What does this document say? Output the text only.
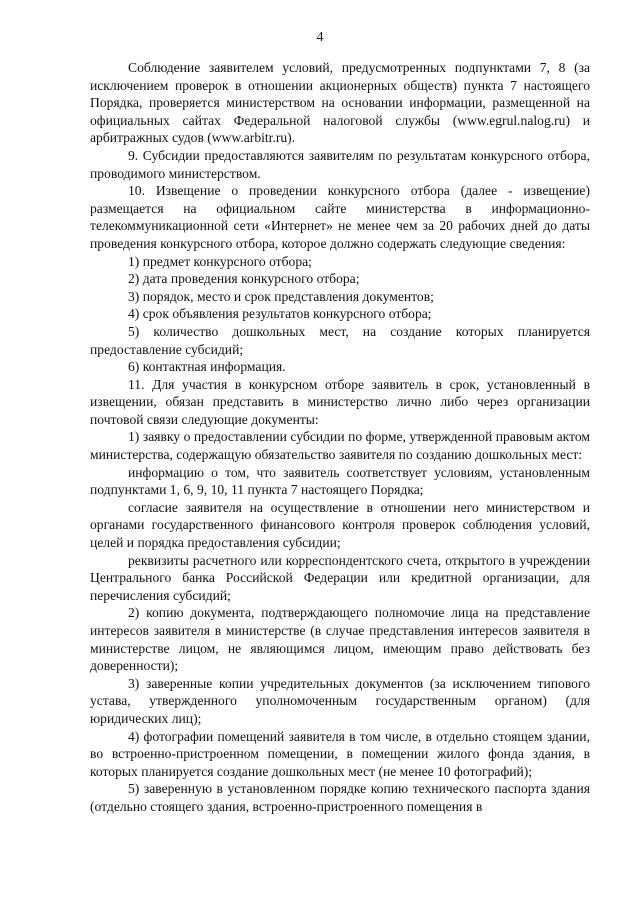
4

Соблюдение заявителем условий, предусмотренных подпунктами 7, 8 (за исключением проверок в отношении акционерных обществ) пункта 7 настоящего Порядка, проверяется министерством на основании информации, размещенной на официальных сайтах Федеральной налоговой службы (www.egrul.nalog.ru) и арбитражных судов (www.arbitr.ru).

9. Субсидии предоставляются заявителям по результатам конкурсного отбора, проводимого министерством.

10. Извещение о проведении конкурсного отбора (далее - извещение) размещается на официальном сайте министерства в информационно-телекоммуникационной сети «Интернет» не менее чем за 20 рабочих дней до даты проведения конкурсного отбора, которое должно содержать следующие сведения:

1) предмет конкурсного отбора;

2) дата проведения конкурсного отбора;

3) порядок, место и срок представления документов;

4) срок объявления результатов конкурсного отбора;

5) количество дошкольных мест, на создание которых планируется предоставление субсидий;

6) контактная информация.

11. Для участия в конкурсном отборе заявитель в срок, установленный в извещении, обязан представить в министерство лично либо через организации почтовой связи следующие документы:

1) заявку о предоставлении субсидии по форме, утвержденной правовым актом министерства, содержащую обязательство заявителя по созданию дошкольных мест:

информацию о том, что заявитель соответствует условиям, установленным подпунктами 1, 6, 9, 10, 11 пункта 7 настоящего Порядка;

согласие заявителя на осуществление в отношении него министерством и органами государственного финансового контроля проверок соблюдения условий, целей и порядка предоставления субсидии;

реквизиты расчетного или корреспондентского счета, открытого в учреждении Центрального банка Российской Федерации или кредитной организации, для перечисления субсидий;

2) копию документа, подтверждающего полномочие лица на представление интересов заявителя в министерстве (в случае представления интересов заявителя в министерстве лицом, не являющимся лицом, имеющим право действовать без доверенности);

3) заверенные копии учредительных документов (за исключением типового устава, утвержденного уполномоченным государственным органом) (для юридических лиц);

4) фотографии помещений заявителя в том числе, в отдельно стоящем здании, во встроенно-пристроенном помещении, в помещении жилого фонда здания, в которых планируется создание дошкольных мест (не менее 10 фотографий);

5) заверенную в установленном порядке копию технического паспорта здания (отдельно стоящего здания, встроенно-пристроенного помещения в
